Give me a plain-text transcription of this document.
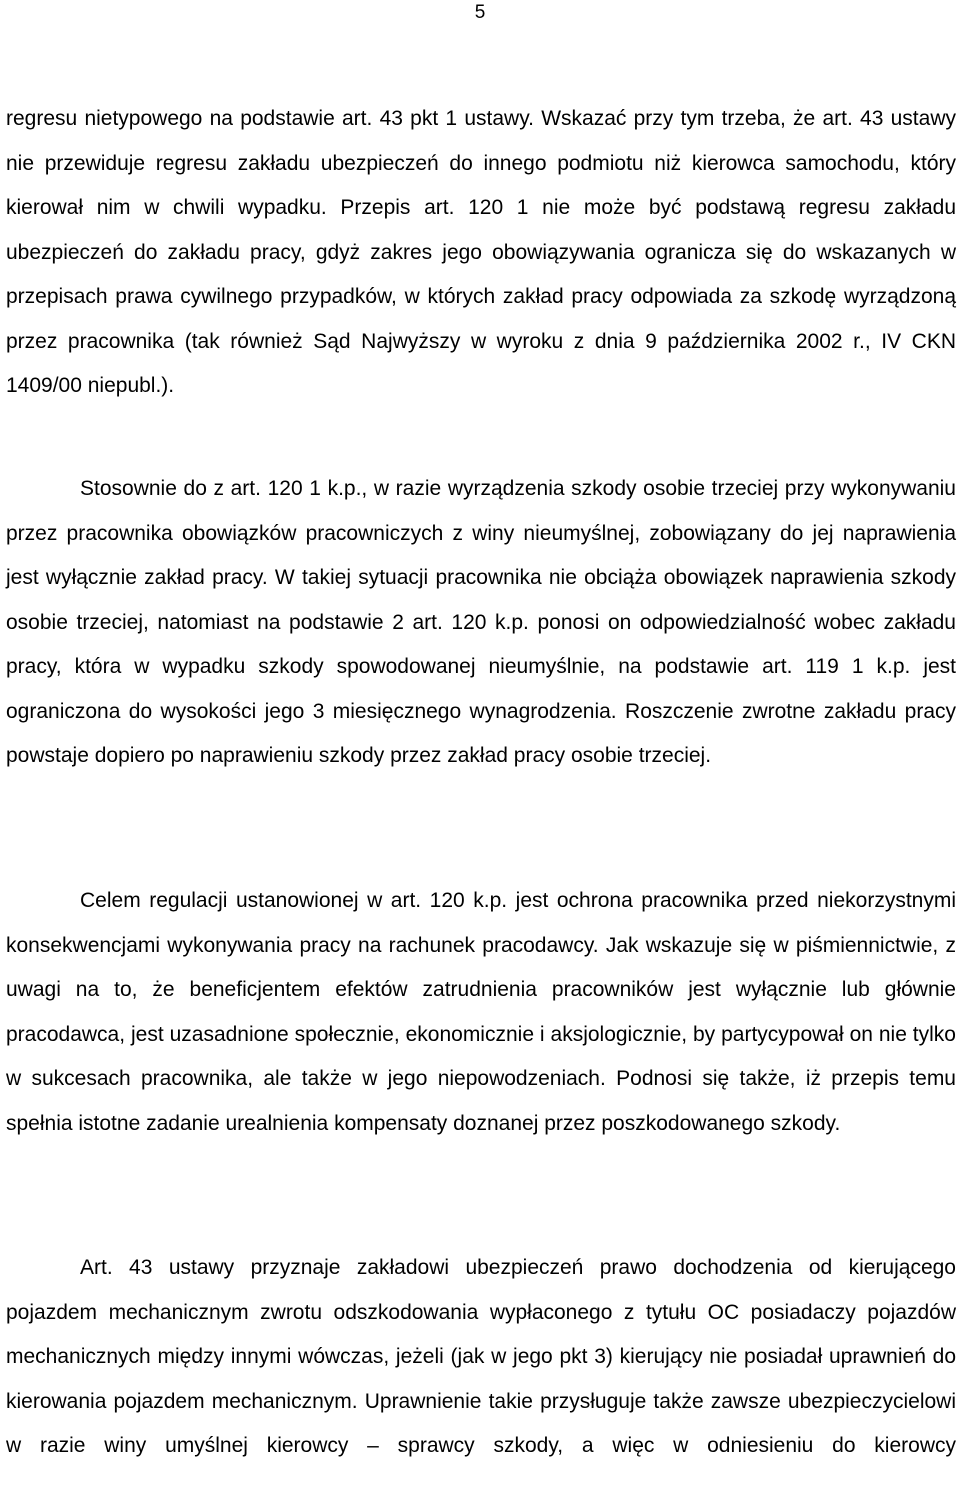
5

regresu nietypowego na podstawie art. 43 pkt 1 ustawy. Wskazać przy tym trzeba, że art. 43 ustawy nie przewiduje regresu zakładu ubezpieczeń do innego podmiotu niż kierowca samochodu, który kierował nim w chwili wypadku. Przepis art. 120 1 nie może być podstawą regresu zakładu ubezpieczeń do zakładu pracy, gdyż zakres jego obowiązywania ogranicza się do wskazanych w przepisach prawa cywilnego przypadków, w których zakład pracy odpowiada za szkodę wyrządzoną przez pracownika (tak również Sąd Najwyższy w wyroku z dnia 9 października 2002 r., IV CKN 1409/00 niepubl.).

Stosownie do z art. 120 1 k.p., w razie wyrządzenia szkody osobie trzeciej przy wykonywaniu przez pracownika obowiązków pracowniczych z winy nieumyślnej, zobowiązany do jej naprawienia jest wyłącznie zakład pracy. W takiej sytuacji pracownika nie obciąża obowiązek naprawienia szkody osobie trzeciej, natomiast na podstawie 2 art. 120 k.p. ponosi on odpowiedzialność wobec zakładu pracy, która w wypadku szkody spowodowanej nieumyślnie, na podstawie art. 119 1 k.p. jest ograniczona do wysokości jego 3 miesięcznego wynagrodzenia. Roszczenie zwrotne zakładu pracy powstaje dopiero po naprawieniu szkody przez zakład pracy osobie trzeciej.

Celem regulacji ustanowionej w art. 120 k.p. jest ochrona pracownika przed niekorzystnymi konsekwencjami wykonywania pracy na rachunek pracodawcy. Jak wskazuje się w piśmiennictwie, z uwagi na to, że beneficjentem efektów zatrudnienia pracowników jest wyłącznie lub głównie pracodawca, jest uzasadnione społecznie, ekonomicznie i aksjologicznie, by partycypował on nie tylko w sukcesach pracownika, ale także w jego niepowodzeniach. Podnosi się także, iż przepis temu spełnia istotne zadanie urealnienia kompensaty doznanej przez poszkodowanego szkody.

Art. 43 ustawy przyznaje zakładowi ubezpieczeń prawo dochodzenia od kierującego pojazdem mechanicznym zwrotu odszkodowania wypłaconego z tytułu OC posiadaczy pojazdów mechanicznych między innymi wówczas, jeżeli (jak w jego pkt 3) kierujący nie posiadał uprawnień do kierowania pojazdem mechanicznym. Uprawnienie takie przysługuje także zawsze ubezpieczycielowi w razie winy umyślnej kierowcy – sprawcy szkody, a więc w odniesieniu do kierowcy
